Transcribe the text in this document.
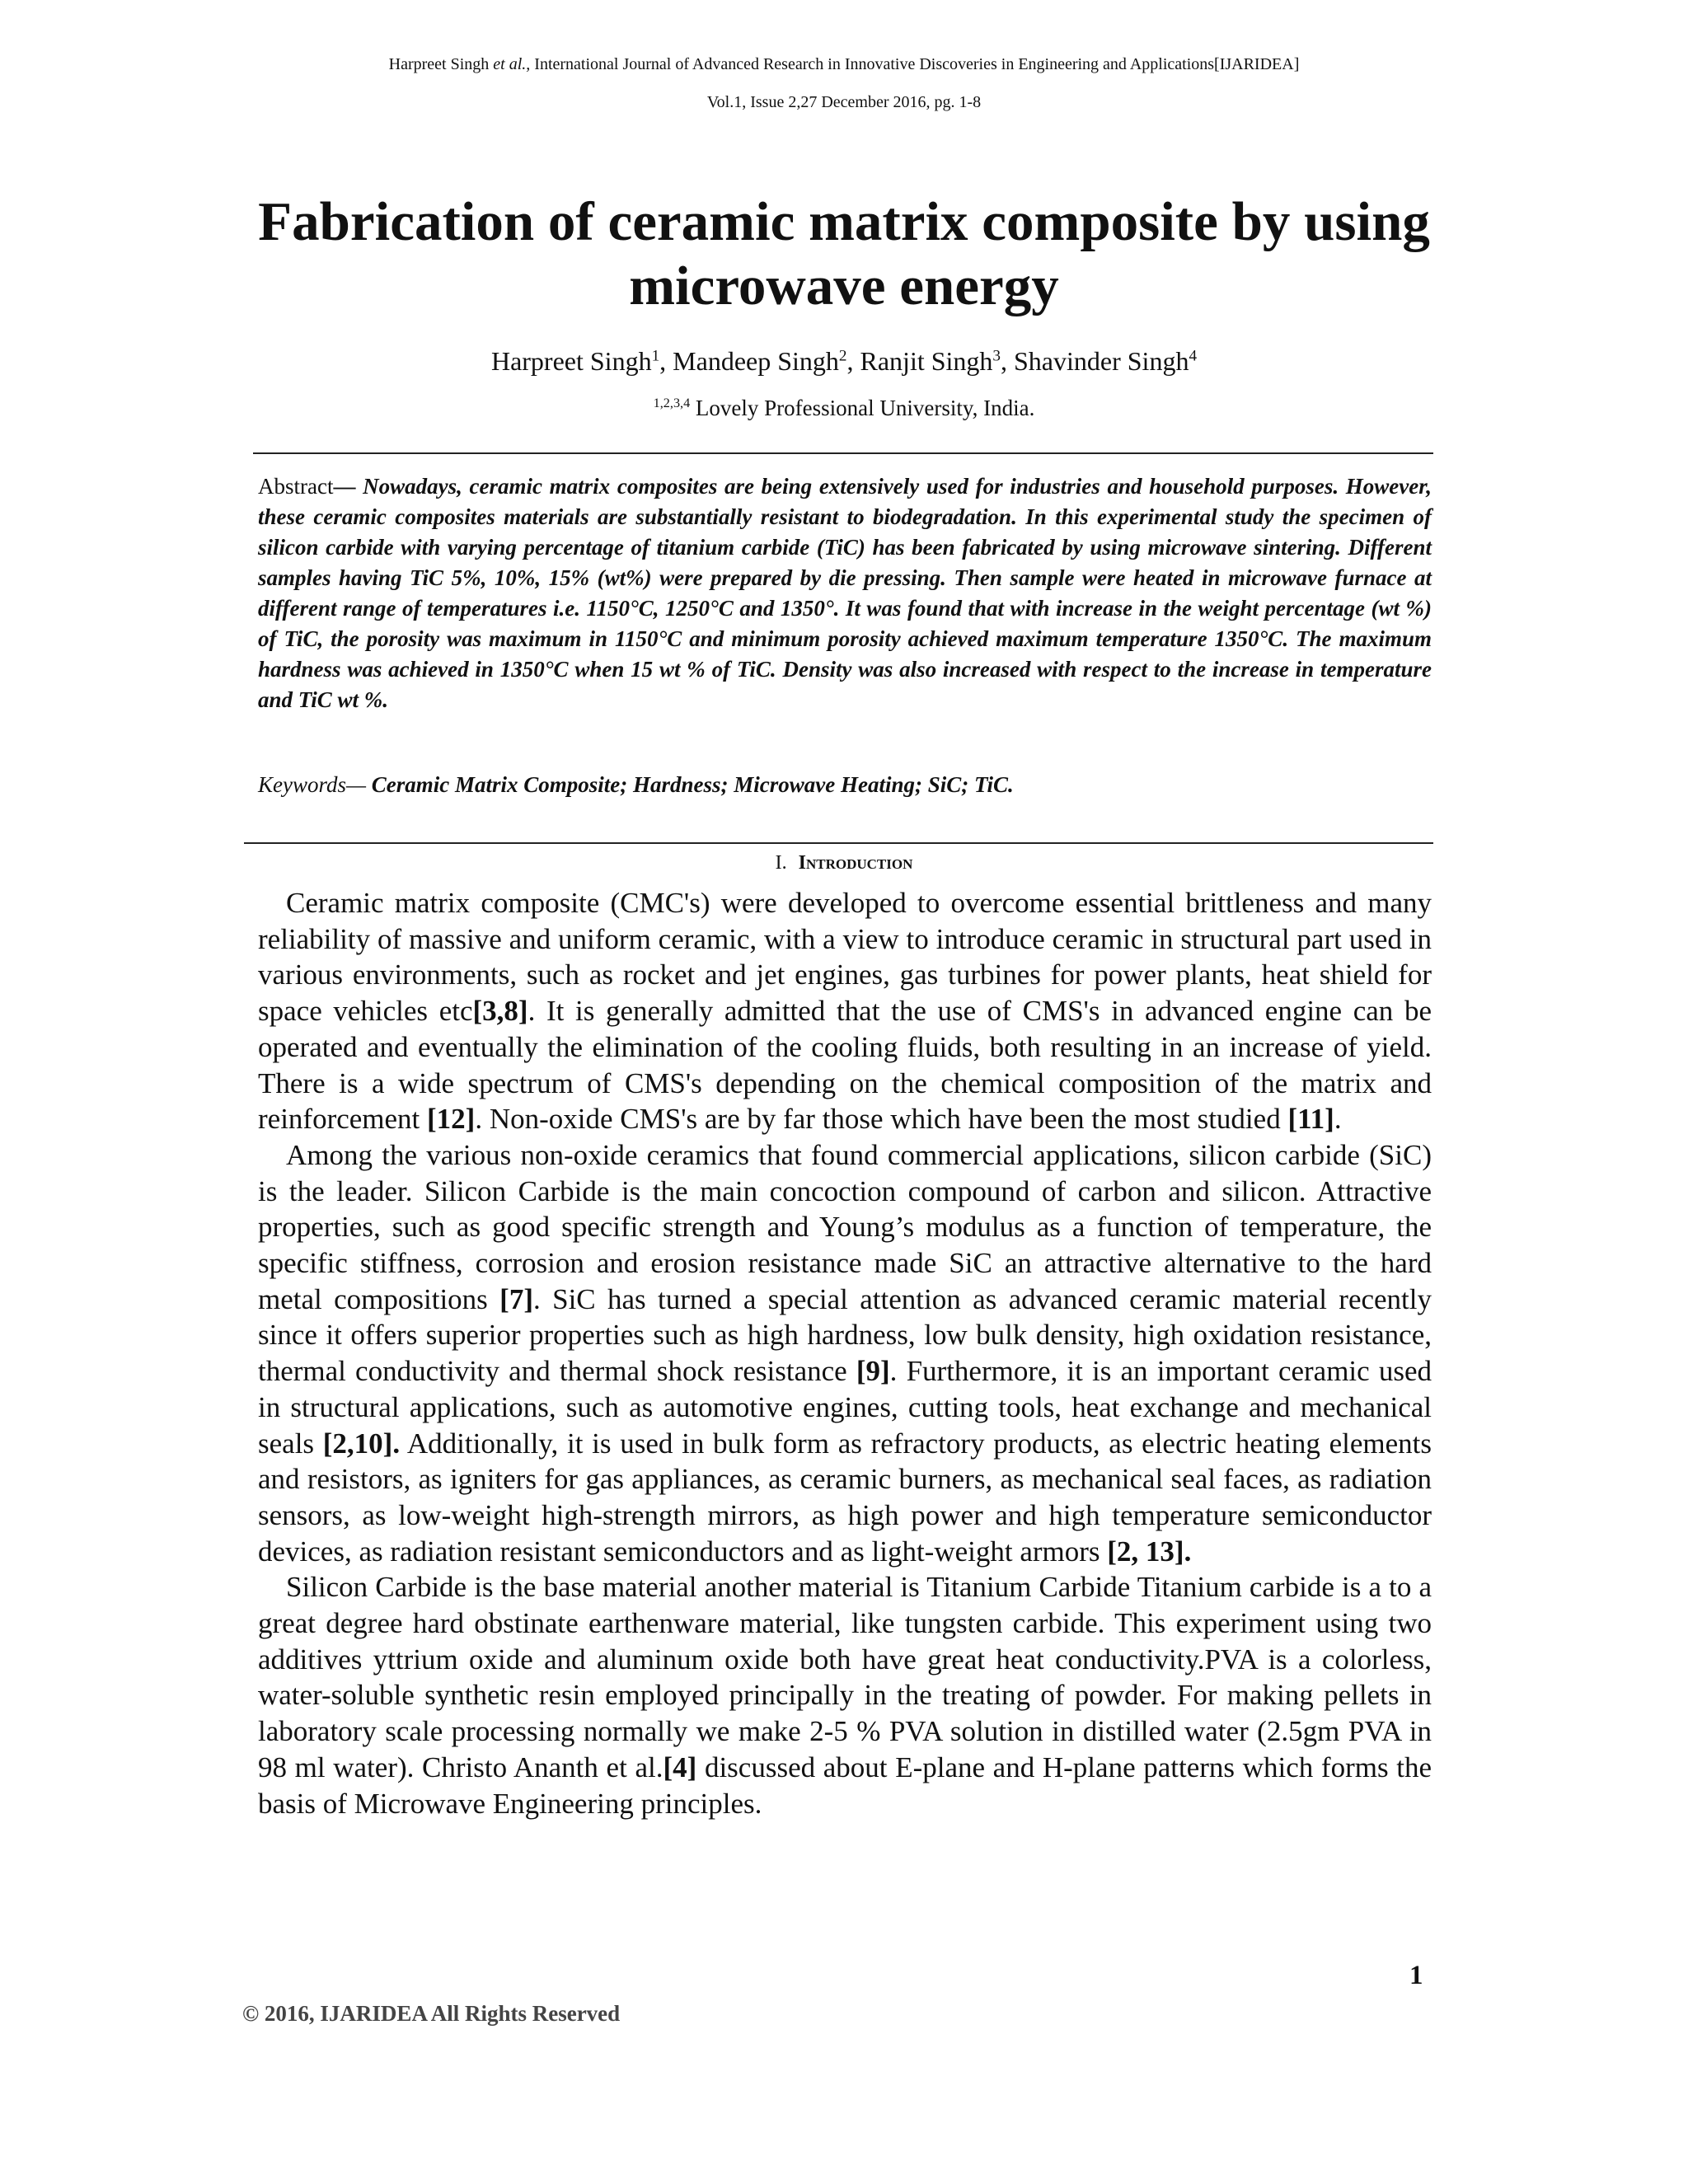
Harpreet Singh et al., International Journal of Advanced Research in Innovative Discoveries in Engineering and Applications[IJARIDEA]
Vol.1, Issue 2,27 December 2016, pg. 1-8
Fabrication of ceramic matrix composite by using microwave energy
Harpreet Singh$^1$, Mandeep Singh$^2$, Ranjit Singh$^3$, Shavinder Singh$^4$
$^{1,2,3,4}$ Lovely Professional University, India.

Abstract— Nowadays, ceramic matrix composites are being extensively used for industries and household purposes. However, these ceramic composites materials are substantially resistant to biodegradation. In this experimental study the specimen of silicon carbide with varying percentage of titanium carbide (TiC) has been fabricated by using microwave sintering. Different samples having TiC 5%, 10%, 15% (wt%) were prepared by die pressing. Then sample were heated in microwave furnace at different range of temperatures i.e. 1150°C, 1250°C and 1350°. It was found that with increase in the weight percentage (wt %) of TiC, the porosity was maximum in 1150°C and minimum porosity achieved maximum temperature 1350°C. The maximum hardness was achieved in 1350°C when 15 wt % of TiC. Density was also increased with respect to the increase in temperature and TiC wt %.

Keywords— Ceramic Matrix Composite; Hardness; Microwave Heating; SiC; TiC.

I. Introduction

Ceramic matrix composite (CMC's) were developed to overcome essential brittleness and many reliability of massive and uniform ceramic, with a view to introduce ceramic in structural part used in various environments, such as rocket and jet engines, gas turbines for power plants, heat shield for space vehicles etc[3,8]. It is generally admitted that the use of CMS's in advanced engine can be operated and eventually the elimination of the cooling fluids, both resulting in an increase of yield. There is a wide spectrum of CMS's depending on the chemical composition of the matrix and reinforcement [12]. Non-oxide CMS's are by far those which have been the most studied [11].

Among the various non-oxide ceramics that found commercial applications, silicon carbide (SiC) is the leader. Silicon Carbide is the main concoction compound of carbon and silicon. Attractive properties, such as good specific strength and Young’s modulus as a function of temperature, the specific stiffness, corrosion and erosion resistance made SiC an attractive alternative to the hard metal compositions [7]. SiC has turned a special attention as advanced ceramic material recently since it offers superior properties such as high hardness, low bulk density, high oxidation resistance, thermal conductivity and thermal shock resistance [9]. Furthermore, it is an important ceramic used in structural applications, such as automotive engines, cutting tools, heat exchange and mechanical seals [2,10]. Additionally, it is used in bulk form as refractory products, as electric heating elements and resistors, as igniters for gas appliances, as ceramic burners, as mechanical seal faces, as radiation sensors, as low-weight high-strength mirrors, as high power and high temperature semiconductor devices, as radiation resistant semiconductors and as light-weight armors [2, 13].

Silicon Carbide is the base material another material is Titanium Carbide Titanium carbide is a to a great degree hard obstinate earthenware material, like tungsten carbide. This experiment using two additives yttrium oxide and aluminum oxide both have great heat conductivity.PVA is a colorless, water-soluble synthetic resin employed principally in the treating of powder. For making pellets in laboratory scale processing normally we make 2-5 % PVA solution in distilled water (2.5gm PVA in 98 ml water). Christo Ananth et al.[4] discussed about E-plane and H-plane patterns which forms the basis of Microwave Engineering principles.

1
© 2016, IJARIDEA All Rights Reserved
